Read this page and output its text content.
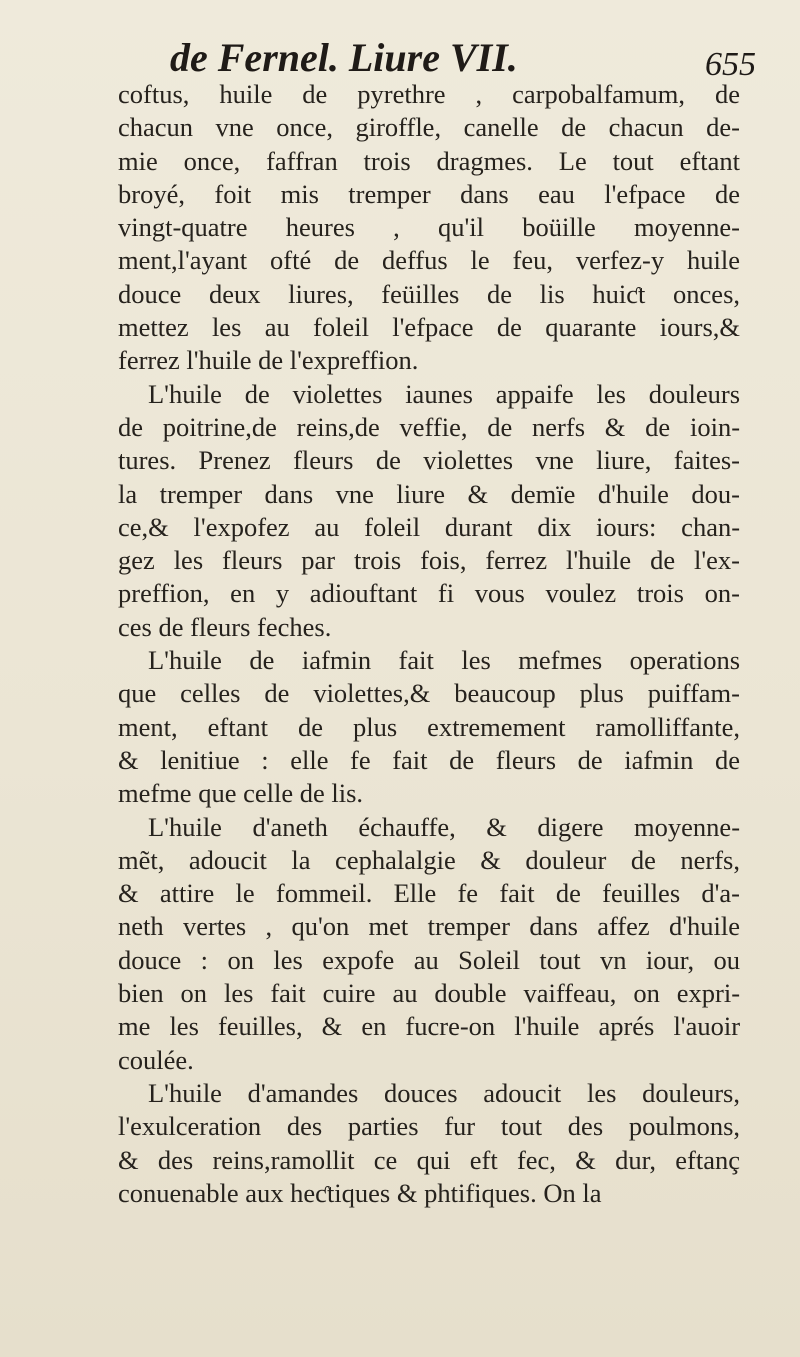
de Fernel. Liure VII.	655
coftus, huile de pyrethre , carpobalfamum, de
chacun vne once, giroffle, canelle de chacun de-
mie once, faffran trois dragmes. Le tout eftant
broyé, foit mis tremper dans eau l'efpace de
vingt-quatre heures , qu'il boüille moyenne-
ment,l'ayant ofté de deffus le feu, verfez-y huile
douce deux liures, feüilles de lis huiƈt onces,
mettez les au foleil l'efpace de quarante iours,&
ferrez l'huile de l'expreffion.
L'huile de violettes iaunes appaife les douleurs
de poitrine,de reins,de veffie, de nerfs & de ioin-
tures. Prenez fleurs de violettes vne liure, faites-
la tremper dans vne liure & demïe d'huile dou-
ce,& l'expofez au foleil durant dix iours: chan-
gez les fleurs par trois fois, ferrez l'huile de l'ex-
preffion, en y adiouftant fi vous voulez trois on-
ces de fleurs feches.
L'huile de iafmin fait les mefmes operations
que celles de violettes,& beaucoup plus puiffam-
ment, eftant de plus extremement ramolliffante,
& lenitiue : elle fe fait de fleurs de iafmin de
mefme que celle de lis.
L'huile d'aneth échauffe, & digere moyenne-
mẽt, adoucit la cephalalgie & douleur de nerfs,
& attire le fommeil. Elle fe fait de feuilles d'a-
neth vertes , qu'on met tremper dans affez d'huile
douce : on les expofe au Soleil tout vn iour, ou
bien on les fait cuire au double vaiffeau, on expri-
me les feuilles, & en fucre-on l'huile aprés l'auoir
coulée.
L'huile d'amandes douces adoucit les douleurs,
l'exulceration des parties fur tout des poulmons,
& des reins,ramollit ce qui eft fec, & dur, eftanç
conuenable aux heƈtiques & phtifiques. On la
